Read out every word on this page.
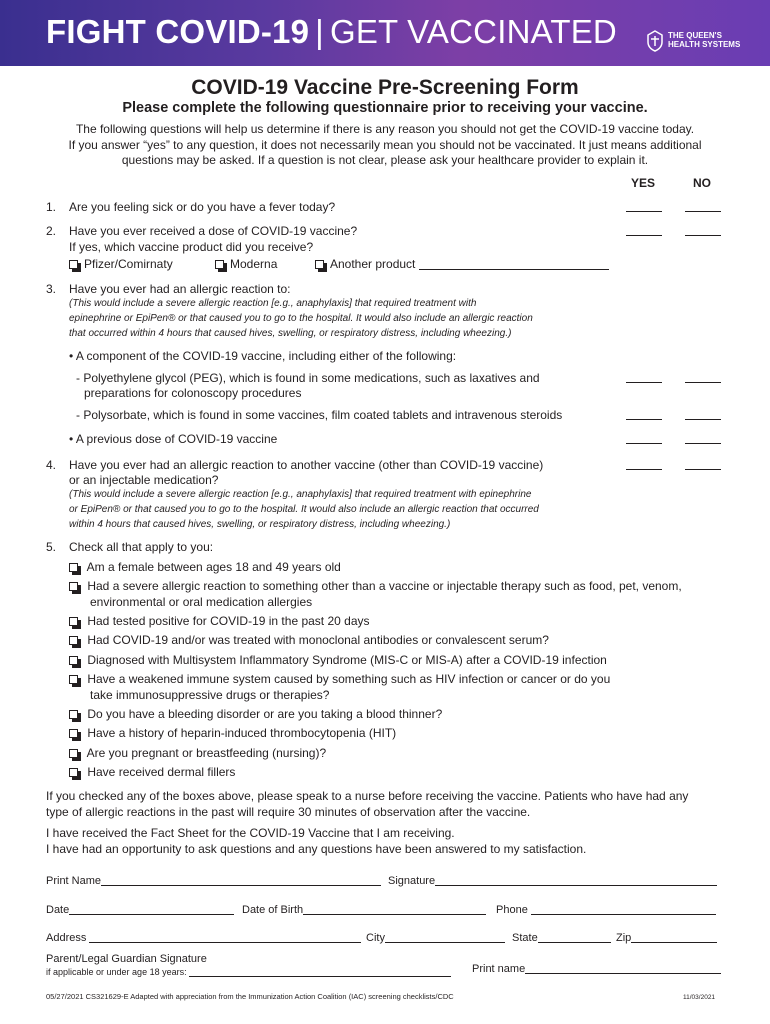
FIGHT COVID-19 | GET VACCINATED	THE QUEEN'S
HEALTH SYSTEMS
COVID-19 Vaccine Pre-Screening Form
Please complete the following questionnaire prior to receiving your vaccine.
The following questions will help us determine if there is any reason you should not get the COVID-19 vaccine today.
If you answer “yes” to any question, it does not necessarily mean you should not be vaccinated. It just means additional
questions may be asked. If a question is not clear, please ask your healthcare provider to explain it.
YES	NO
1. Are you feeling sick or do you have a fever today?
2. Have you ever received a dose of COVID-19 vaccine?
If yes, which vaccine product did you receive?
Pfizer/Comirnaty	Moderna	Another product
3. Have you ever had an allergic reaction to:
(This would include a severe allergic reaction [e.g., anaphylaxis] that required treatment with
epinephrine or EpiPen® or that caused you to go to the hospital. It would also include an allergic reaction
that occurred within 4 hours that caused hives, swelling, or respiratory distress, including wheezing.)
• A component of the COVID-19 vaccine, including either of the following:
- Polyethylene glycol (PEG), which is found in some medications, such as laxatives and
preparations for colonoscopy procedures
- Polysorbate, which is found in some vaccines, film coated tablets and intravenous steroids
• A previous dose of COVID-19 vaccine
4. Have you ever had an allergic reaction to another vaccine (other than COVID-19 vaccine)
or an injectable medication?
(This would include a severe allergic reaction [e.g., anaphylaxis] that required treatment with epinephrine
or EpiPen® or that caused you to go to the hospital. It would also include an allergic reaction that occurred
within 4 hours that caused hives, swelling, or respiratory distress, including wheezing.)
5. Check all that apply to you:
Am a female between ages 18 and 49 years old
Had a severe allergic reaction to something other than a vaccine or injectable therapy such as food, pet, venom,
environmental or oral medication allergies
Had tested positive for COVID-19 in the past 20 days
Had COVID-19 and/or was treated with monoclonal antibodies or convalescent serum?
Diagnosed with Multisystem Inflammatory Syndrome (MIS-C or MIS-A) after a COVID-19 infection
Have a weakened immune system caused by something such as HIV infection or cancer or do you
take immunosuppressive drugs or therapies?
Do you have a bleeding disorder or are you taking a blood thinner?
Have a history of heparin-induced thrombocytopenia (HIT)
Are you pregnant or breastfeeding (nursing)?
Have received dermal fillers
If you checked any of the boxes above, please speak to a nurse before receiving the vaccine. Patients who have had any
type of allergic reactions in the past will require 30 minutes of observation after the vaccine.
I have received the Fact Sheet for the COVID-19 Vaccine that I am receiving.
I have had an opportunity to ask questions and any questions have been answered to my satisfaction.
Print Name	Signature
Date	Date of Birth	Phone
Address	City	State	Zip
Parent/Legal Guardian Signature
if applicable or under age 18 years:	Print name
05/27/2021 CS321629-E Adapted with appreciation from the Immunization Action Coalition (IAC) screening checklists/CDC	11/03/2021
